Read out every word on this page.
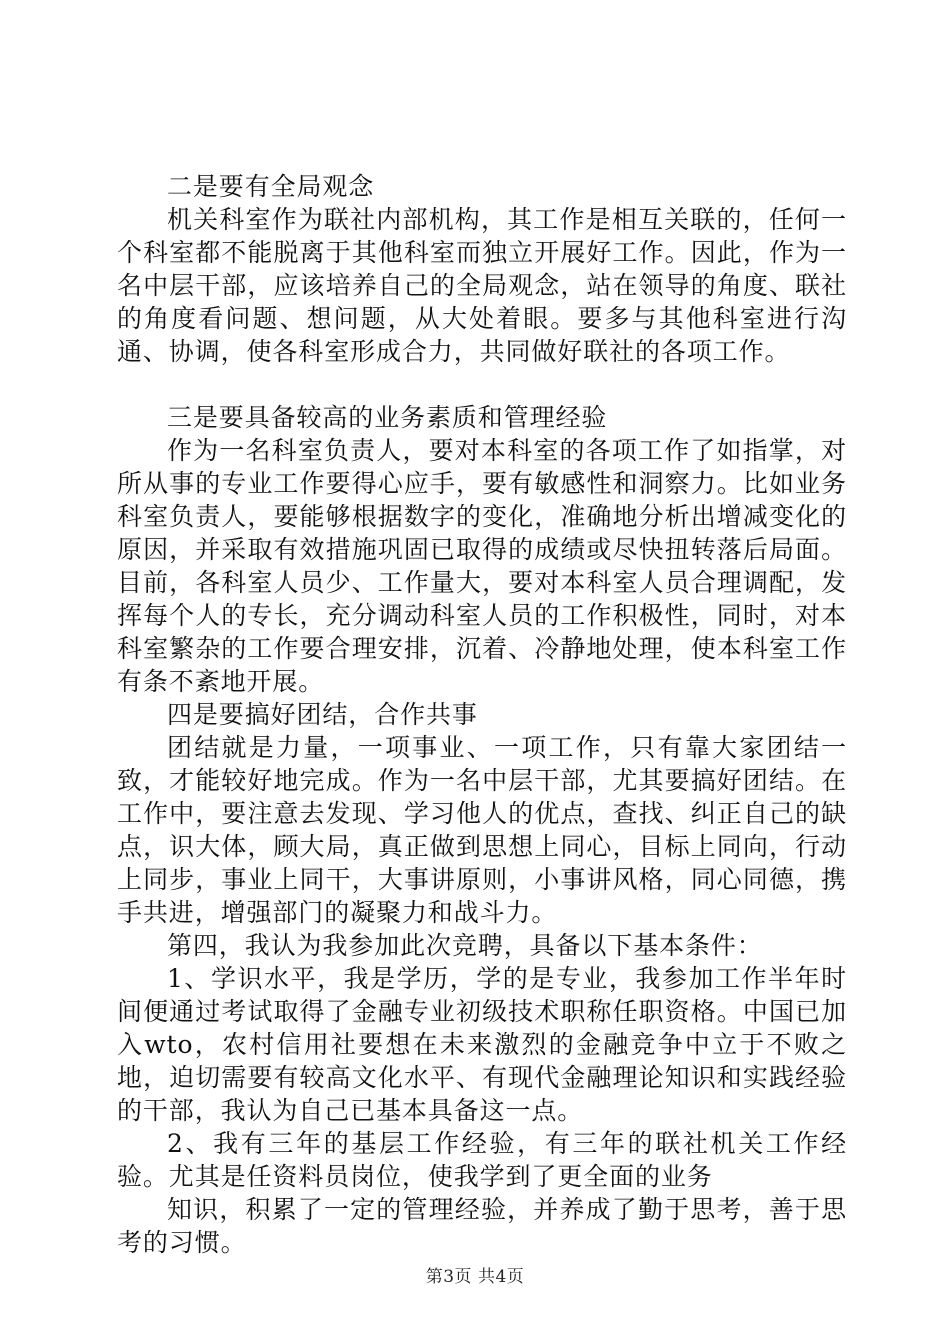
二是要有全局观念

机关科室作为联社内部机构，其工作是相互关联的，任何一个科室都不能脱离于其他科室而独立开展好工作。因此，作为一名中层干部，应该培养自己的全局观念，站在领导的角度、联社的角度看问题、想问题，从大处着眼。要多与其他科室进行沟通、协调，使各科室形成合力，共同做好联社的各项工作。

三是要具备较高的业务素质和管理经验

作为一名科室负责人，要对本科室的各项工作了如指掌，对所从事的专业工作要得心应手，要有敏感性和洞察力。比如业务科室负责人，要能够根据数字的变化，准确地分析出增减变化的原因，并采取有效措施巩固已取得的成绩或尽快扭转落后局面。目前，各科室人员少、工作量大，要对本科室人员合理调配，发挥每个人的专长，充分调动科室人员的工作积极性，同时，对本科室繁杂的工作要合理安排，沉着、冷静地处理，使本科室工作有条不紊地开展。

四是要搞好团结，合作共事

团结就是力量，一项事业、一项工作，只有靠大家团结一致，才能较好地完成。作为一名中层干部，尤其要搞好团结。在工作中，要注意去发现、学习他人的优点，查找、纠正自己的缺点，识大体，顾大局，真正做到思想上同心，目标上同向，行动上同步，事业上同干，大事讲原则，小事讲风格，同心同德，携手共进，增强部门的凝聚力和战斗力。

第四，我认为我参加此次竞聘，具备以下基本条件：

1、学识水平，我是学历，学的是专业，我参加工作半年时间便通过考试取得了金融专业初级技术职称任职资格。中国已加入wto，农村信用社要想在未来激烈的金融竞争中立于不败之地，迫切需要有较高文化水平、有现代金融理论知识和实践经验的干部，我认为自己已基本具备这一点。

2、我有三年的基层工作经验，有三年的联社机关工作经验。尤其是任资料员岗位，使我学到了更全面的业务

知识，积累了一定的管理经验，并养成了勤于思考，善于思考的习惯。

第3页 共4页
